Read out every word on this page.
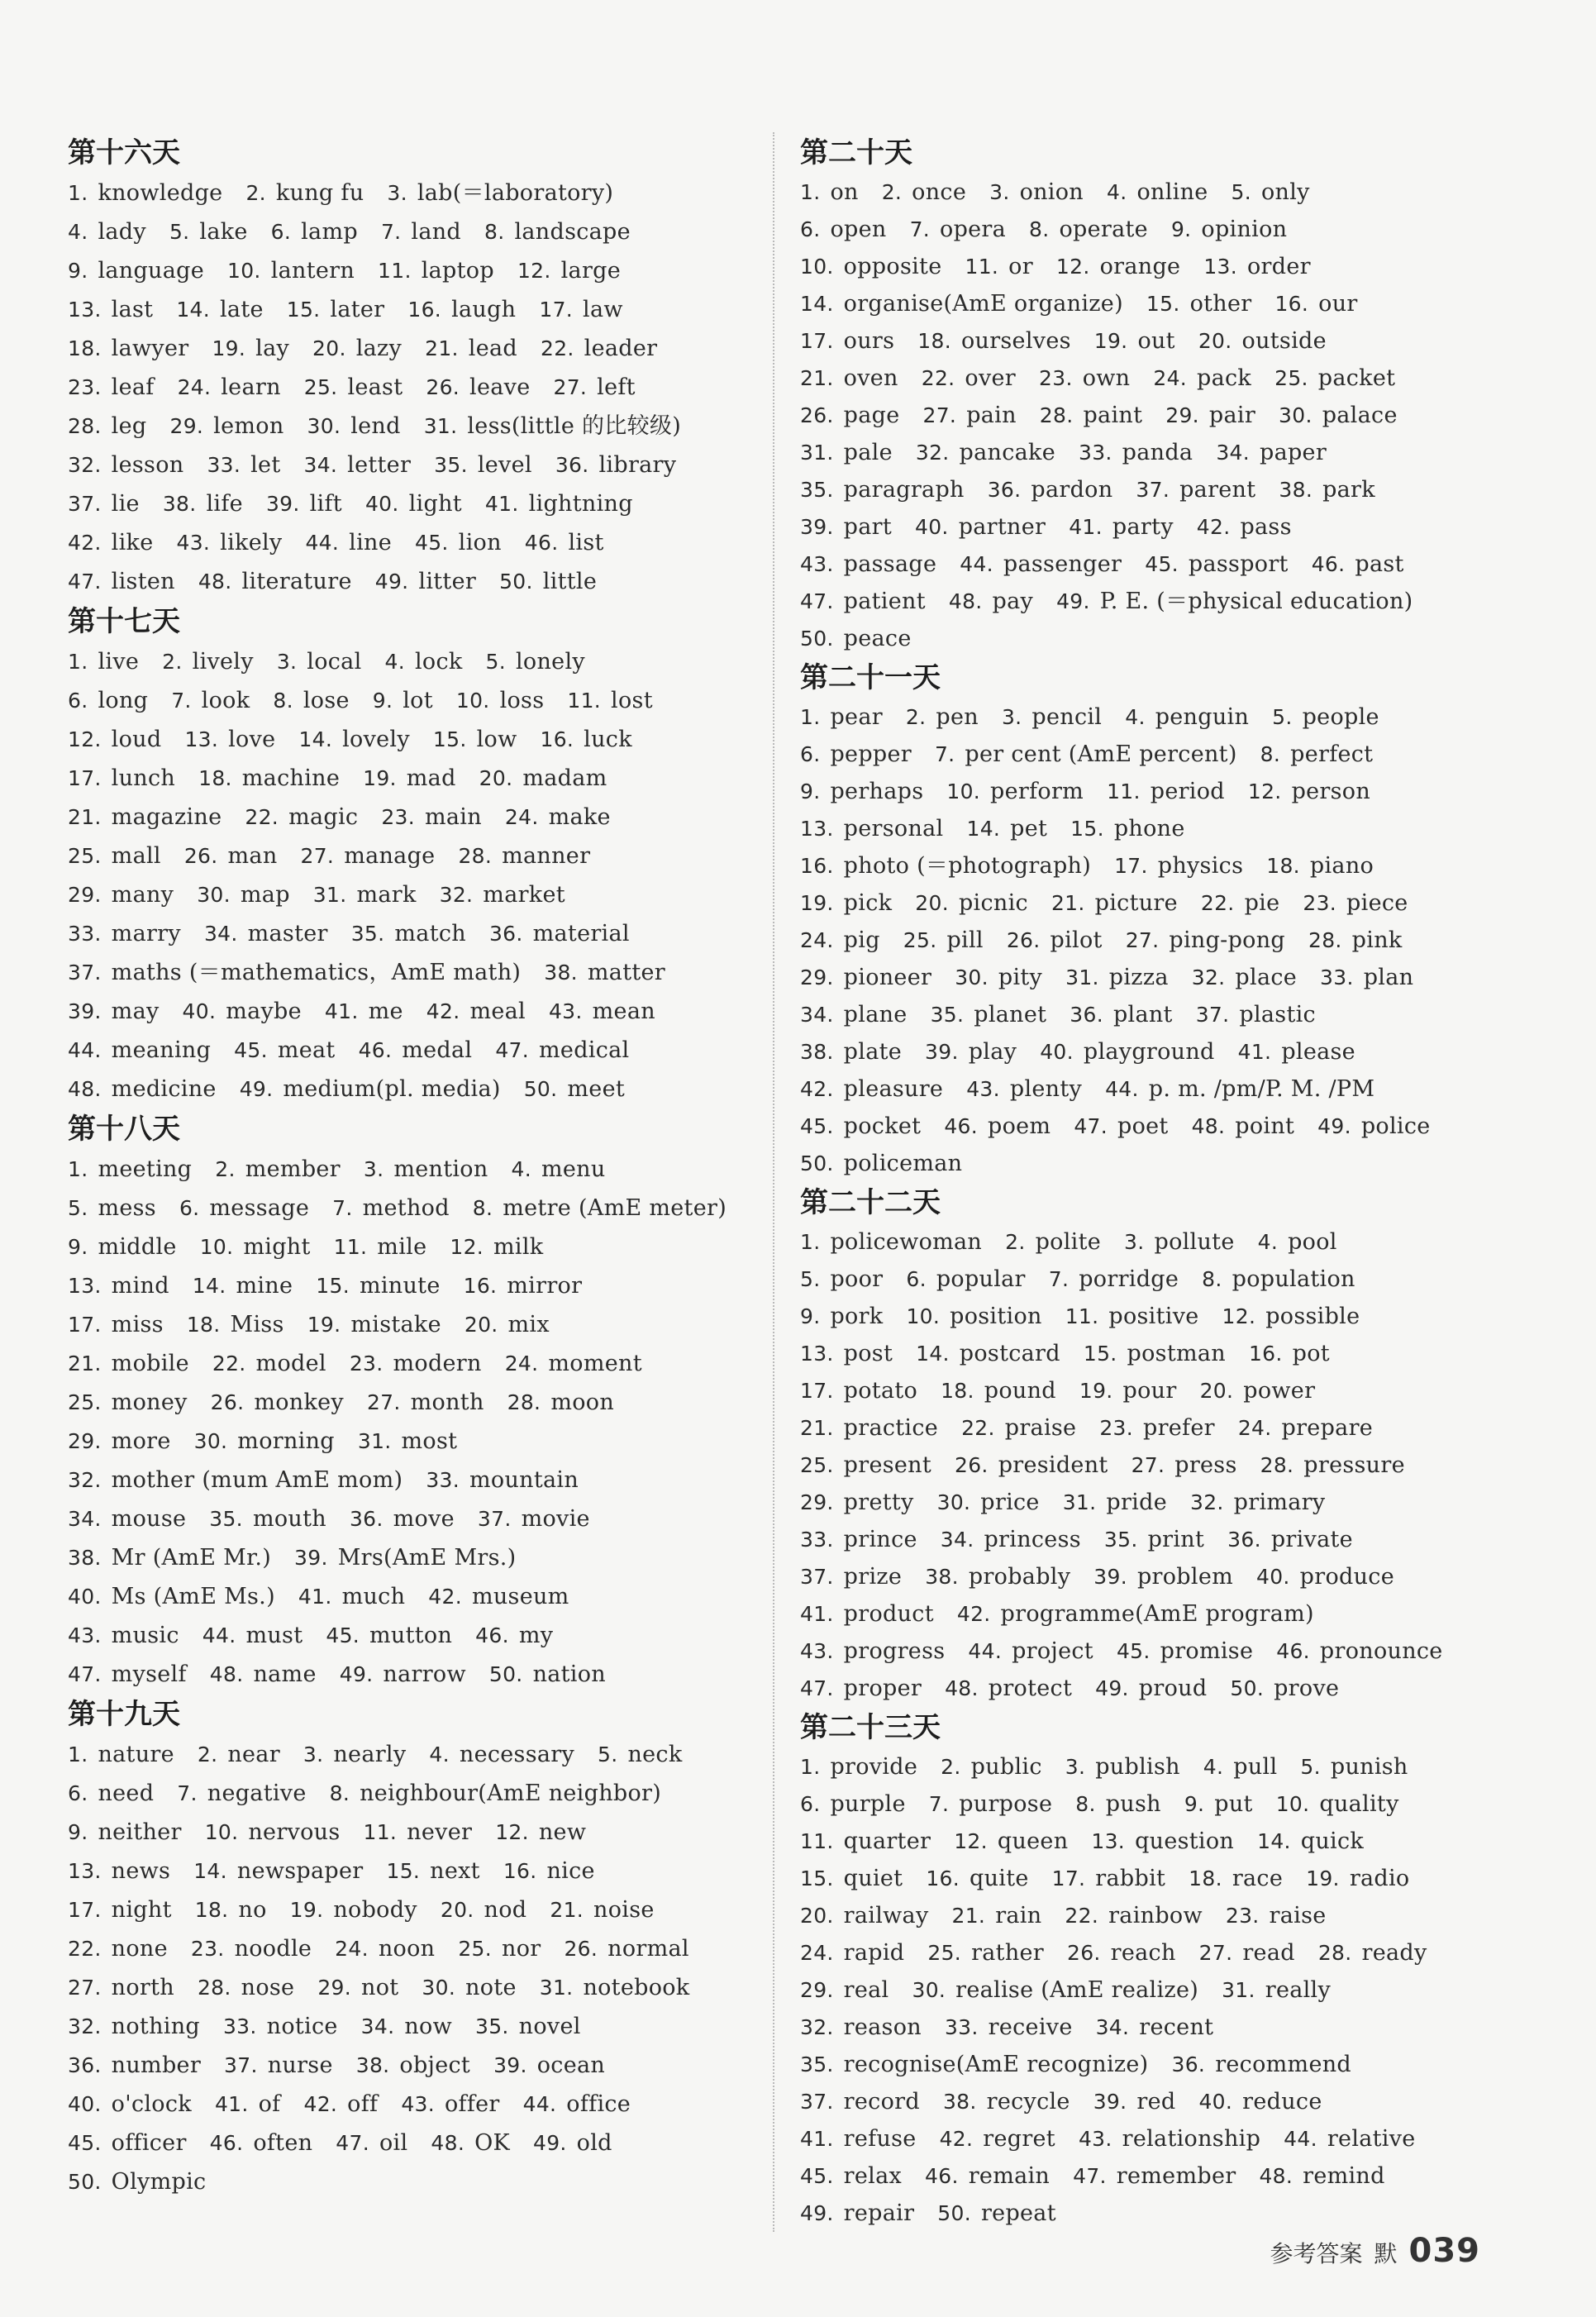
第十六天
1. knowledge 2. kung fu 3. lab(＝laboratory)
4. lady 5. lake 6. lamp 7. land 8. landscape
9. language 10. lantern 11. laptop 12. large
13. last 14. late 15. later 16. laugh 17. law
18. lawyer 19. lay 20. lazy 21. lead 22. leader
23. leaf 24. learn 25. least 26. leave 27. left
28. leg 29. lemon 30. lend 31. less(little 的比较级)
32. lesson 33. let 34. letter 35. level 36. library
37. lie 38. life 39. lift 40. light 41. lightning
42. like 43. likely 44. line 45. lion 46. list
47. listen 48. literature 49. litter 50. little
第十七天
1. live 2. lively 3. local 4. lock 5. lonely
6. long 7. look 8. lose 9. lot 10. loss 11. lost
12. loud 13. love 14. lovely 15. low 16. luck
17. lunch 18. machine 19. mad 20. madam
21. magazine 22. magic 23. main 24. make
25. mall 26. man 27. manage 28. manner
29. many 30. map 31. mark 32. market
33. marry 34. master 35. match 36. material
37. maths (＝mathematics，AmE math) 38. matter
39. may 40. maybe 41. me 42. meal 43. mean
44. meaning 45. meat 46. medal 47. medical
48. medicine 49. medium(pl. media) 50. meet
第十八天
1. meeting 2. member 3. mention 4. menu
5. mess 6. message 7. method 8. metre (AmE meter)
9. middle 10. might 11. mile 12. milk
13. mind 14. mine 15. minute 16. mirror
17. miss 18. Miss 19. mistake 20. mix
21. mobile 22. model 23. modern 24. moment
25. money 26. monkey 27. month 28. moon
29. more 30. morning 31. most
32. mother (mum AmE mom) 33. mountain
34. mouse 35. mouth 36. move 37. movie
38. Mr (AmE Mr.) 39. Mrs(AmE Mrs.)
40. Ms (AmE Ms.) 41. much 42. museum
43. music 44. must 45. mutton 46. my
47. myself 48. name 49. narrow 50. nation
第十九天
1. nature 2. near 3. nearly 4. necessary 5. neck
6. need 7. negative 8. neighbour(AmE neighbor)
9. neither 10. nervous 11. never 12. new
13. news 14. newspaper 15. next 16. nice
17. night 18. no 19. nobody 20. nod 21. noise
22. none 23. noodle 24. noon 25. nor 26. normal
27. north 28. nose 29. not 30. note 31. notebook
32. nothing 33. notice 34. now 35. novel
36. number 37. nurse 38. object 39. ocean
40. o'clock 41. of 42. off 43. offer 44. office
45. officer 46. often 47. oil 48. OK 49. old
50. Olympic
第二十天
1. on 2. once 3. onion 4. online 5. only
6. open 7. opera 8. operate 9. opinion
10. opposite 11. or 12. orange 13. order
14. organise(AmE organize) 15. other 16. our
17. ours 18. ourselves 19. out 20. outside
21. oven 22. over 23. own 24. pack 25. packet
26. page 27. pain 28. paint 29. pair 30. palace
31. pale 32. pancake 33. panda 34. paper
35. paragraph 36. pardon 37. parent 38. park
39. part 40. partner 41. party 42. pass
43. passage 44. passenger 45. passport 46. past
47. patient 48. pay 49. P. E. (＝physical education)
50. peace
第二十一天
1. pear 2. pen 3. pencil 4. penguin 5. people
6. pepper 7. per cent (AmE percent) 8. perfect
9. perhaps 10. perform 11. period 12. person
13. personal 14. pet 15. phone
16. photo (＝photograph) 17. physics 18. piano
19. pick 20. picnic 21. picture 22. pie 23. piece
24. pig 25. pill 26. pilot 27. ping-pong 28. pink
29. pioneer 30. pity 31. pizza 32. place 33. plan
34. plane 35. planet 36. plant 37. plastic
38. plate 39. play 40. playground 41. please
42. pleasure 43. plenty 44. p. m. /pm/P. M. /PM
45. pocket 46. poem 47. poet 48. point 49. police
50. policeman
第二十二天
1. policewoman 2. polite 3. pollute 4. pool
5. poor 6. popular 7. porridge 8. population
9. pork 10. position 11. positive 12. possible
13. post 14. postcard 15. postman 16. pot
17. potato 18. pound 19. pour 20. power
21. practice 22. praise 23. prefer 24. prepare
25. present 26. president 27. press 28. pressure
29. pretty 30. price 31. pride 32. primary
33. prince 34. princess 35. print 36. private
37. prize 38. probably 39. problem 40. produce
41. product 42. programme(AmE program)
43. progress 44. project 45. promise 46. pronounce
47. proper 48. protect 49. proud 50. prove
第二十三天
1. provide 2. public 3. publish 4. pull 5. punish
6. purple 7. purpose 8. push 9. put 10. quality
11. quarter 12. queen 13. question 14. quick
15. quiet 16. quite 17. rabbit 18. race 19. radio
20. railway 21. rain 22. rainbow 23. raise
24. rapid 25. rather 26. reach 27. read 28. ready
29. real 30. realise (AmE realize) 31. really
32. reason 33. receive 34. recent
35. recognise(AmE recognize) 36. recommend
37. record 38. recycle 39. red 40. reduce
41. refuse 42. regret 43. relationship 44. relative
45. relax 46. remain 47. remember 48. remind
49. repair 50. repeat
参考答案 默 039
